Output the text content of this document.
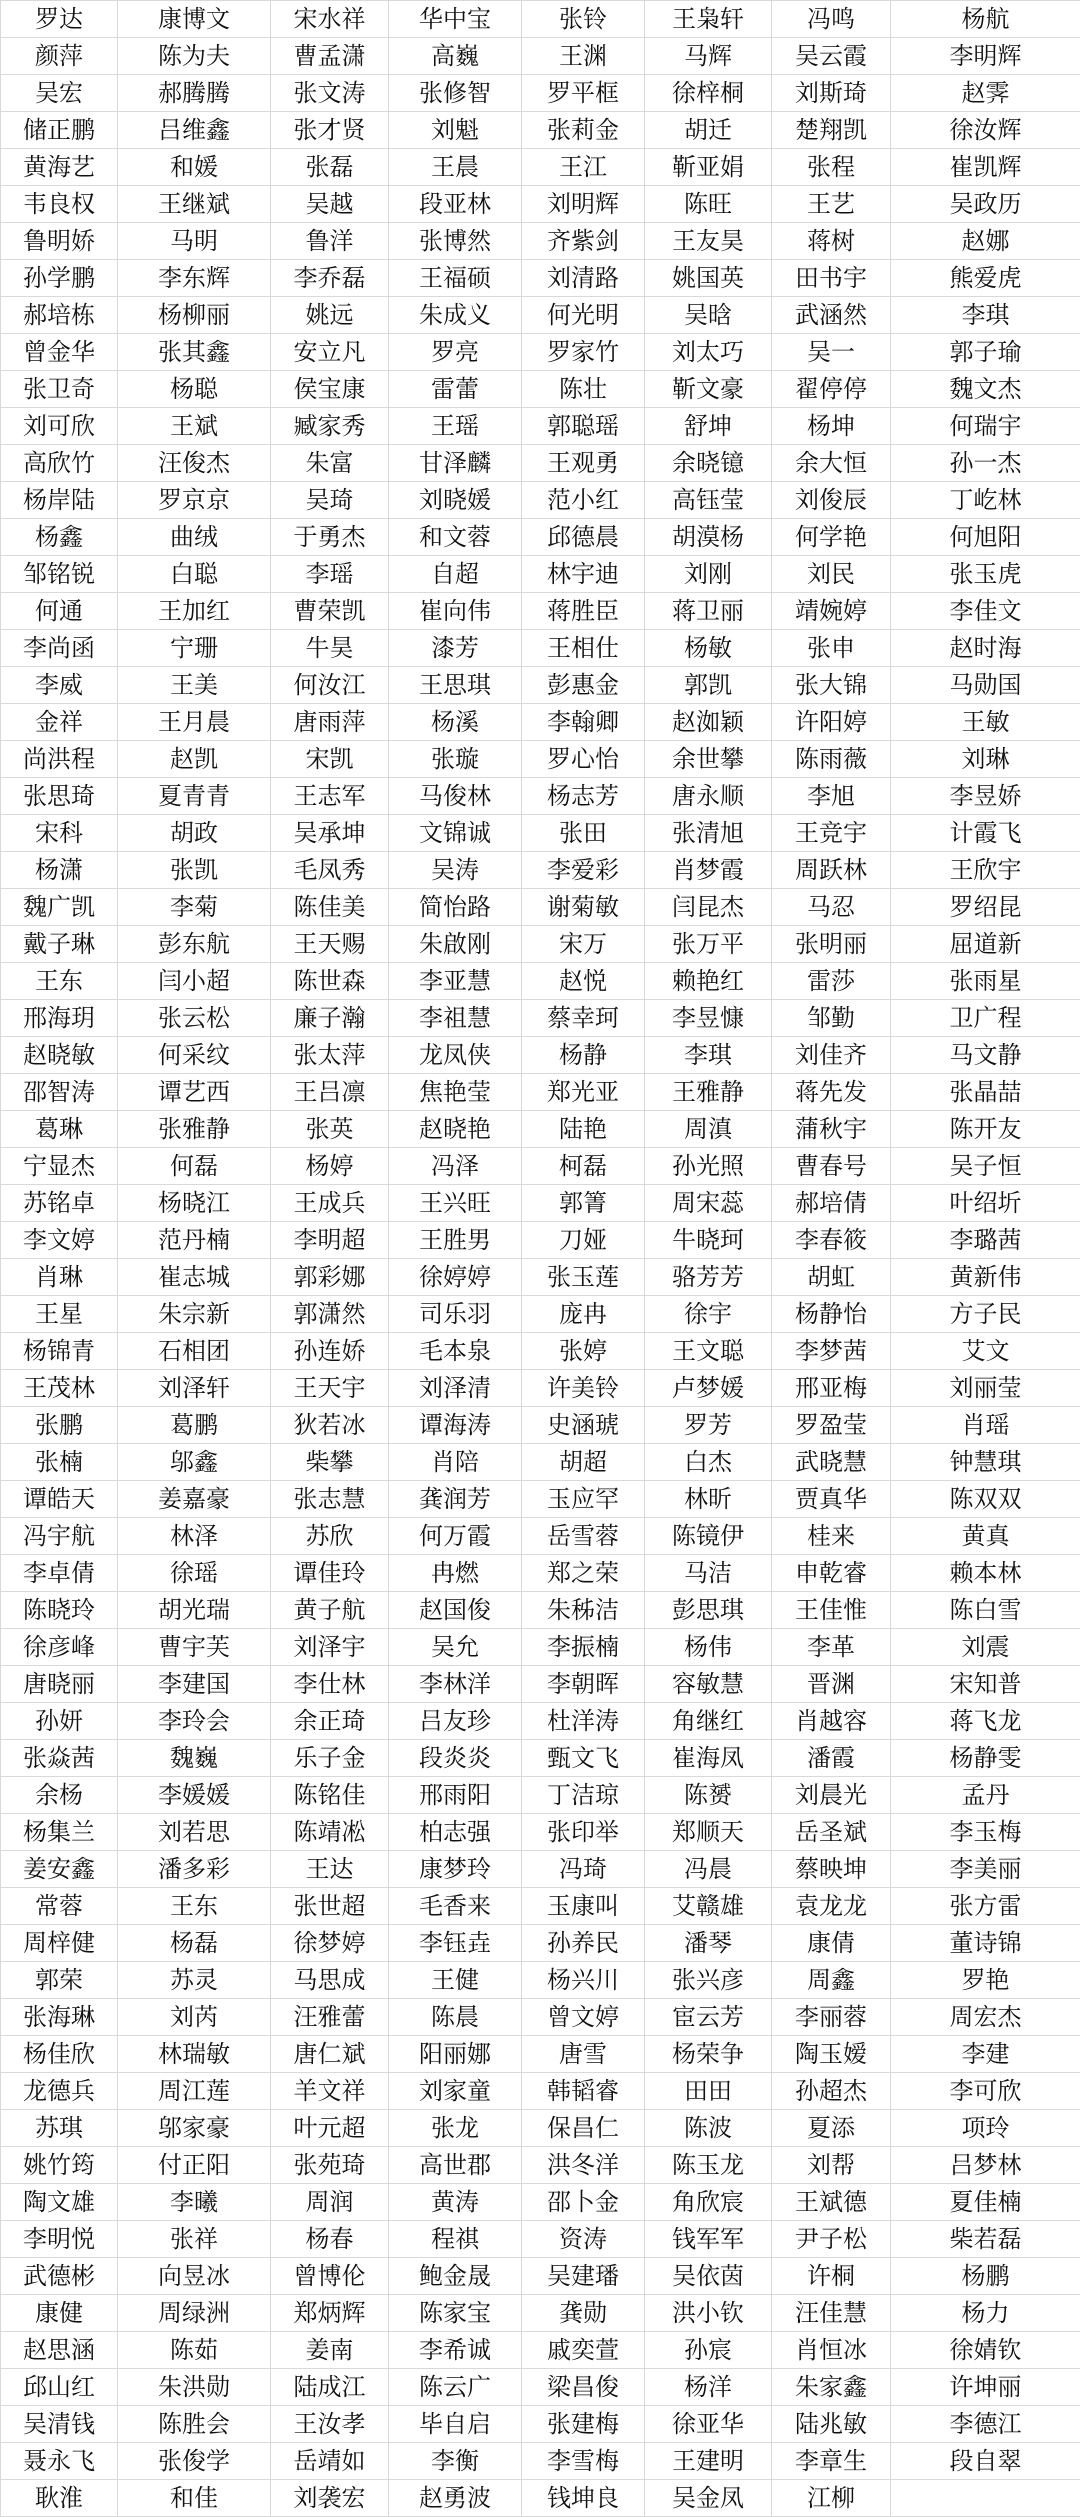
罗达	康博文	宋水祥	华中宝	张铃	王枭轩	冯鸣	杨航
颜萍	陈为夫	曹孟潇	高巍	王渊	马辉	吴云霞	李明辉
吴宏	郝腾腾	张文涛	张修智	罗平框	徐梓桐	刘斯琦	赵霁
储正鹏	吕维鑫	张才贤	刘魁	张莉金	胡迁	楚翔凯	徐汝辉
黄海艺	和媛	张磊	王晨	王江	靳亚娟	张程	崔凯辉
韦良权	王继斌	吴越	段亚林	刘明辉	陈旺	王艺	吴政历
鲁明娇	马明	鲁洋	张博然	齐紫剑	王友昊	蒋树	赵娜
孙学鹏	李东辉	李乔磊	王福硕	刘清路	姚国英	田书宇	熊爱虎
郝培栋	杨柳丽	姚远	朱成义	何光明	吴晗	武涵然	李琪
曾金华	张其鑫	安立凡	罗亮	罗家竹	刘太巧	吴一	郭子瑜
张卫奇	杨聪	侯宝康	雷蕾	陈壮	靳文豪	翟停停	魏文杰
刘可欣	王斌	臧家秀	王瑶	郭聪瑶	舒坤	杨坤	何瑞宇
高欣竹	汪俊杰	朱富	甘泽麟	王观勇	余晓镱	余大恒	孙一杰
杨岸陆	罗京京	吴琦	刘晓媛	范小红	高钰莹	刘俊辰	丁屹林
杨鑫	曲绒	于勇杰	和文蓉	邱德晨	胡漠杨	何学艳	何旭阳
邹铭锐	白聪	李瑶	自超	林宇迪	刘刚	刘民	张玉虎
何通	王加红	曹荣凯	崔向伟	蒋胜臣	蒋卫丽	靖婉婷	李佳文
李尚函	宁珊	牛昊	漆芳	王相仕	杨敏	张申	赵时海
李威	王美	何汝江	王思琪	彭惠金	郭凯	张大锦	马勋国
金祥	王月晨	唐雨萍	杨溪	李翰卿	赵洳颖	许阳婷	王敏
尚洪程	赵凯	宋凯	张璇	罗心怡	余世攀	陈雨薇	刘琳
张思琦	夏青青	王志军	马俊林	杨志芳	唐永顺	李旭	李昱娇
宋科	胡政	吴承坤	文锦诚	张田	张清旭	王竞宇	计霞飞
杨潇	张凯	毛凤秀	吴涛	李爱彩	肖梦霞	周跃林	王欣宇
魏广凯	李菊	陈佳美	简怡路	谢菊敏	闫昆杰	马忍	罗绍昆
戴子琳	彭东航	王天赐	朱啟刚	宋万	张万平	张明丽	屈道新
王东	闫小超	陈世森	李亚慧	赵悦	赖艳红	雷莎	张雨星
邢海玥	张云松	廉子瀚	李祖慧	蔡幸珂	李昱慷	邹勤	卫广程
赵晓敏	何采纹	张太萍	龙凤侠	杨静	李琪	刘佳齐	马文静
邵智涛	谭艺西	王吕凛	焦艳莹	郑光亚	王雅静	蒋先发	张晶喆
葛琳	张雅静	张英	赵晓艳	陆艳	周滇	蒲秋宇	陈开友
宁显杰	何磊	杨婷	冯泽	柯磊	孙光照	曹春号	吴子恒
苏铭卓	杨晓江	王成兵	王兴旺	郭箐	周宋蕊	郝培倩	叶绍圻
李文婷	范丹楠	李明超	王胜男	刀娅	牛晓珂	李春筱	李璐茜
肖琳	崔志城	郭彩娜	徐婷婷	张玉莲	骆芳芳	胡虹	黄新伟
王星	朱宗新	郭潇然	司乐羽	庞冉	徐宇	杨静怡	方子民
杨锦青	石相团	孙连娇	毛本泉	张婷	王文聪	李梦茜	艾文
王茂林	刘泽轩	王天宇	刘泽清	许美铃	卢梦媛	邢亚梅	刘丽莹
张鹏	葛鹏	狄若冰	谭海涛	史涵琥	罗芳	罗盈莹	肖瑶
张楠	邬鑫	柴攀	肖陪	胡超	白杰	武晓慧	钟慧琪
谭皓天	姜嘉豪	张志慧	龚润芳	玉应罕	林昕	贾真华	陈双双
冯宇航	林泽	苏欣	何万霞	岳雪蓉	陈镜伊	桂来	黄真
李卓倩	徐瑶	谭佳玲	冉燃	郑之荣	马洁	申乾睿	赖本林
陈晓玲	胡光瑞	黄子航	赵国俊	朱秭洁	彭思琪	王佳惟	陈白雪
徐彦峰	曹宇芙	刘泽宇	吴允	李振楠	杨伟	李革	刘震
唐晓丽	李建国	李仕林	李林洋	李朝晖	容敏慧	晋渊	宋知普
孙妍	李玲会	余正琦	吕友珍	杜洋涛	角继红	肖越容	蒋飞龙
张焱茜	魏巍	乐子金	段炎炎	甄文飞	崔海凤	潘霞	杨静雯
余杨	李媛媛	陈铭佳	邢雨阳	丁洁琼	陈赟	刘晨光	孟丹
杨集兰	刘若思	陈靖凇	柏志强	张印举	郑顺天	岳圣斌	李玉梅
姜安鑫	潘多彩	王达	康梦玲	冯琦	冯晨	蔡映坤	李美丽
常蓉	王东	张世超	毛香来	玉康叫	艾赣雄	袁龙龙	张方雷
周梓健	杨磊	徐梦婷	李钰垚	孙养民	潘琴	康倩	董诗锦
郭荣	苏灵	马思成	王健	杨兴川	张兴彦	周鑫	罗艳
张海琳	刘芮	汪雅蕾	陈晨	曾文婷	宦云芳	李丽蓉	周宏杰
杨佳欣	林瑞敏	唐仁斌	阳丽娜	唐雪	杨荣争	陶玉嫒	李建
龙德兵	周江莲	羊文祥	刘家童	韩韬睿	田田	孙超杰	李可欣
苏琪	邬家豪	叶元超	张龙	保昌仁	陈波	夏添	项玲
姚竹筠	付正阳	张苑琦	高世郡	洪冬洋	陈玉龙	刘帮	吕梦林
陶文雄	李曦	周润	黄涛	邵卜金	角欣宸	王斌德	夏佳楠
李明悦	张祥	杨春	程祺	资涛	钱军军	尹子松	柴若磊
武德彬	向昱冰	曾博伦	鲍金晟	吴建璠	吴依茵	许桐	杨鹏
康健	周绿洲	郑炳辉	陈家宝	龚勋	洪小钦	汪佳慧	杨力
赵思涵	陈茹	姜南	李希诚	戚奕萱	孙宸	肖恒冰	徐婧钦
邱山红	朱洪勋	陆成江	陈云广	梁昌俊	杨洋	朱家鑫	许坤丽
吴清钱	陈胜会	王汝孝	毕自启	张建梅	徐亚华	陆兆敏	李德江
聂永飞	张俊学	岳靖如	李衡	李雪梅	王建明	李章生	段自翠
耿淮	和佳	刘袭宏	赵勇波	钱坤良	吴金凤	江柳	
